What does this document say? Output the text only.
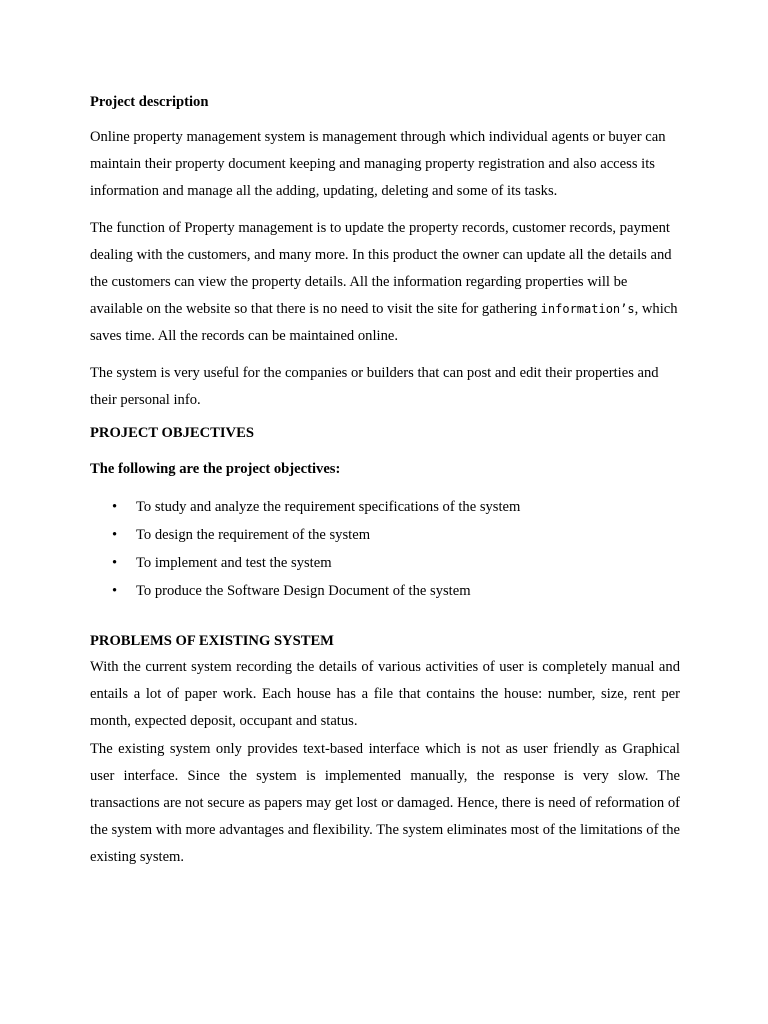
Project description

Online property management system is management through which individual agents or buyer can maintain their property document keeping and managing property registration and also access its information and manage all the adding, updating, deleting and some of its tasks.

The function of Property management is to update the property records, customer records, payment dealing with the customers, and many more. In this product the owner can update all the details and the customers can view the property details. All the information regarding properties will be available on the website so that there is no need to visit the site for gathering information’s, which saves time. All the records can be maintained online.

The system is very useful for the companies or builders that can post and edit their properties and their personal info.

PROJECT OBJECTIVES

The following are the project objectives:

• To study and analyze the requirement specifications of the system
• To design the requirement of the system
• To implement and test the system
• To produce the Software Design Document of the system

PROBLEMS OF EXISTING SYSTEM

With the current system recording the details of various activities of user is completely manual and entails a lot of paper work. Each house has a file that contains the house: number, size, rent per month, expected deposit, occupant and status.

The existing system only provides text-based interface which is not as user friendly as Graphical user interface. Since the system is implemented manually, the response is very slow. The transactions are not secure as papers may get lost or damaged. Hence, there is need of reformation of the system with more advantages and flexibility. The system eliminates most of the limitations of the existing system.
